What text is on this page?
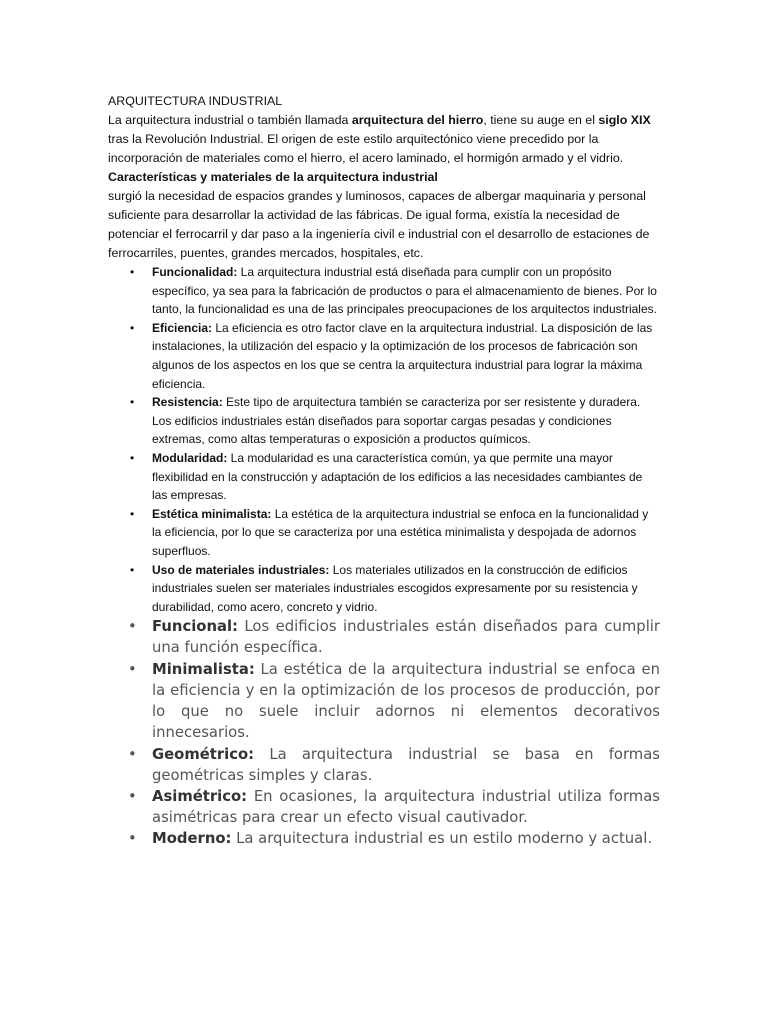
ARQUITECTURA INDUSTRIAL

La arquitectura industrial o también llamada arquitectura del hierro, tiene su auge en el siglo XIX tras la Revolución Industrial. El origen de este estilo arquitectónico viene precedido por la incorporación de materiales como el hierro, el acero laminado, el hormigón armado y el vidrio.

Características y materiales de la arquitectura industrial

surgió la necesidad de espacios grandes y luminosos, capaces de albergar maquinaria y personal suficiente para desarrollar la actividad de las fábricas. De igual forma, existía la necesidad de potenciar el ferrocarril y dar paso a la ingeniería civil e industrial con el desarrollo de estaciones de ferrocarriles, puentes, grandes mercados, hospitales, etc.

• Funcionalidad: La arquitectura industrial está diseñada para cumplir con un propósito específico, ya sea para la fabricación de productos o para el almacenamiento de bienes. Por lo tanto, la funcionalidad es una de las principales preocupaciones de los arquitectos industriales.
• Eficiencia: La eficiencia es otro factor clave en la arquitectura industrial. La disposición de las instalaciones, la utilización del espacio y la optimización de los procesos de fabricación son algunos de los aspectos en los que se centra la arquitectura industrial para lograr la máxima eficiencia.
• Resistencia: Este tipo de arquitectura también se caracteriza por ser resistente y duradera. Los edificios industriales están diseñados para soportar cargas pesadas y condiciones extremas, como altas temperaturas o exposición a productos químicos.
• Modularidad: La modularidad es una característica común, ya que permite una mayor flexibilidad en la construcción y adaptación de los edificios a las necesidades cambiantes de las empresas.
• Estética minimalista: La estética de la arquitectura industrial se enfoca en la funcionalidad y la eficiencia, por lo que se caracteriza por una estética minimalista y despojada de adornos superfluos.
• Uso de materiales industriales: Los materiales utilizados en la construcción de edificios industriales suelen ser materiales industriales escogidos expresamente por su resistencia y durabilidad, como acero, concreto y vidrio.
• Funcional: Los edificios industriales están diseñados para cumplir una función específica.
• Minimalista: La estética de la arquitectura industrial se enfoca en la eficiencia y en la optimización de los procesos de producción, por lo que no suele incluir adornos ni elementos decorativos innecesarios.
• Geométrico: La arquitectura industrial se basa en formas geométricas simples y claras.
• Asimétrico: En ocasiones, la arquitectura industrial utiliza formas asimétricas para crear un efecto visual cautivador.
• Moderno: La arquitectura industrial es un estilo moderno y actual.
